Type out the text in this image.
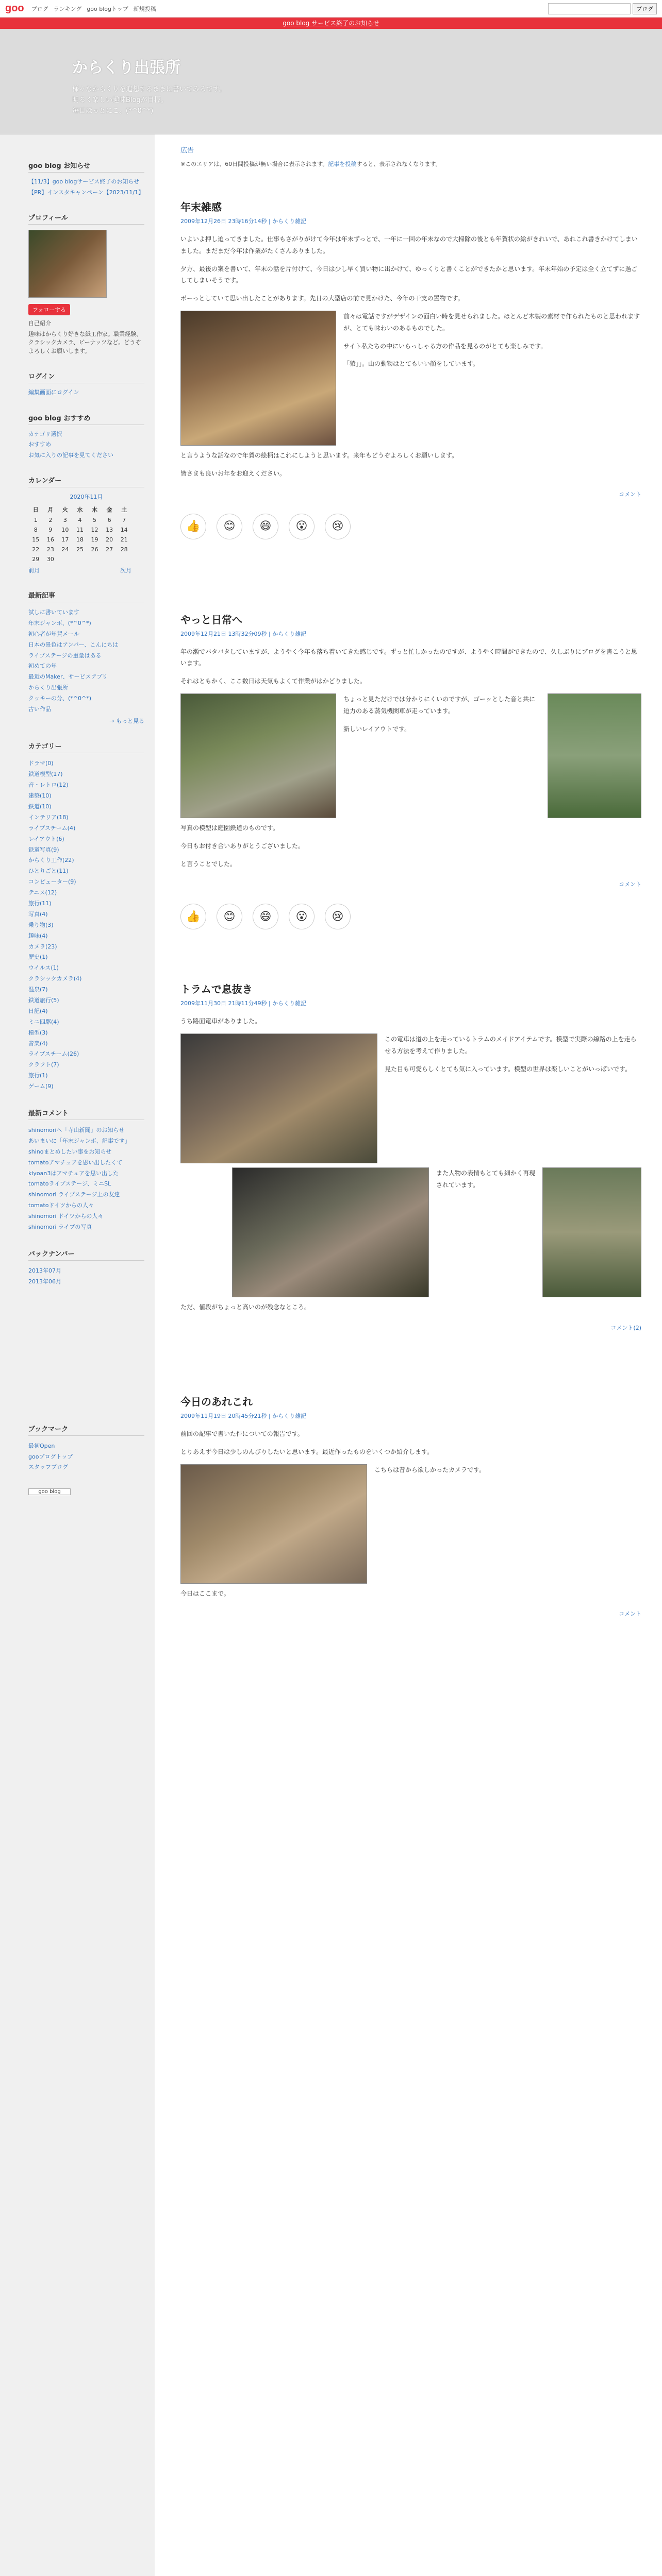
goo ブログ ランキング goo blogトップ 新規投稿	ブログ
goo blog サービス終了のお知らせ
からくり出張所

様々なからくりを追想するままに書いてみるです。
明るく楽しい趣味Blogが目標。
毎日ほっとにこ。(*^0^*)

goo blog お知らせ
【11/3】goo blogサービス終了のお知らせ
【PR】インスタキャンペーン【2023/11/1】
プロフィール
フォローする
自己紹介
趣味はからくり好きな紙工作家。職業経験、クラシックカメラ、ピーナッツなど。どうぞよろしくお願いします。
ログイン
編集画面にログイン
goo blog おすすめ
カテゴリ選択
おすすめ
お気に入りの記事を見てください
カレンダー
2020年11月
日	月	火	水	木	金	土
1	2	3	4	5	6	7
8	9	10	11	12	13	14
15	16	17	18	19	20	21
22	23	24	25	26	27	28
29	30					
前月	次月
最新記事
試しに書いています
年末ジャンボ、(*^0^*)
初心者が年賀メール
日本の景色はアンバー、こんにちは
ライブステージの重量はある
初めての年
最近のMaker、サービスアプリ
からくり出張所
クッキーの分、(*^0^*)
古い作品
→ もっと見る
カテゴリー
ドラマ(0)
鉄道模型(17)
音・レトロ(12)
建築(10)
鉄道(10)
インテリア(18)
ライブスチーム(4)
レイアウト(6)
鉄道写真(9)
からくり工作(22)
ひとりごと(11)
コンピューター(9)
テニス(12)
旅行(11)
写真(4)
乗り物(3)
趣味(4)
カメラ(23)
歴史(1)
ウイルス(1)
クラシックカメラ(4)
温泉(7)
鉄道旅行(5)
日記(4)
ミニ四駆(4)
模型(3)
音楽(4)
ライブスチーム(26)
クラフト(7)
旅行(1)
ゲーム(9)
最新コメント
shinomoriへ「寺山新聞」のお知らせ
あいまいに「年末ジャンボ、記事です」
shinoまとめしたい事をお知らせ
tomatoアマチュアを思い出したくて
kiyoan3はアマチュアを思い出した
tomatoライブステージ、ミニSL
shinomori ライブステージ上の友達
tomatoドイツからの人々
shinomori ドイツからの人々
shinomori ライブの写真
バックナンバー
2013年07月
2013年06月
ブックマーク
最初Open
gooブログトップ
スタッフブログ
goo blog
広告
※このエリアは、60日間投稿が無い場合に表示されます。記事を投稿すると、表示されなくなります。
年末雑感
2009年12月26日 23時16分14秒 | からくり雑記

いよいよ押し迫ってきました。仕事もさがりがけて今年は年末ずっとで、一年に一回の年末なので大掃除の後とも年賀状の絵がきれいで、あれこれ書きかけてしまいました。まだまだ今年は作業がたくさんありました。

夕方、最後の案を書いて、年末の話を片付けて、今日は少し早く買い物に出かけて、ゆっくりと書くことができたかと思います。年末年始の予定は全く立てずに過ごしてしまいそうです。

ボーっとしていて思い出したことがあります。先日の大型店の前で見かけた、今年の干支の置物です。

前々は電話ですがデザインの面白い時を見せられました。ほとんど木製の素材で作られたものと思われますが、とても味わいのあるものでした。

サイト私たちの中にいらっしゃる方の作品を見るのがとても楽しみです。

「猿」」。山の動物はとてもいい顔をしています。

と言うような話なので年賀の絵柄はこれにしようと思います。来年もどうぞよろしくお願いします。

皆さまも良いお年をお迎えください。

コメント
👍	😊	😄	😮	😢
やっと日常へ
2009年12月21日 13時32分09秒 | からくり雑記

年の瀬でバタバタしていますが、ようやく今年も落ち着いてきた感じです。ずっと忙しかったのですが、ようやく時間ができたので、久しぶりにブログを書こうと思います。

それはともかく、ここ数日は天気もよくて作業がはかどりました。

ちょっと見ただけでは分かりにくいのですが、ゴーッとした音と共に迫力のある蒸気機関車が走っています。

新しいレイアウトです。

写真の模型は庭園鉄道のものです。

今日もお付き合いありがとうございました。

と言うことでした。

コメント
👍	😊	😄	😮	😢
トラムで息抜き
2009年11月30日 21時11分49秒 | からくり雑記

うち路面電車がありました。

この電車は道の上を走っているトラムのメイドアイテムです。模型で実際の線路の上を走らせる方法を考えて作りました。

見た目も可愛らしくとても気に入っています。模型の世界は楽しいことがいっぱいです。

また人物の表情もとても細かく再現されています。

ただ、値段がちょっと高いのが残念なところ。

コメント(2)
今日のあれこれ
2009年11月19日 20時45分21秒 | からくり雑記

前回の記事で書いた件についての報告です。

とりあえず今日は少しのんびりしたいと思います。最近作ったものをいくつか紹介します。

こちらは昔から欲しかったカメラです。

今日はここまで。

コメント
